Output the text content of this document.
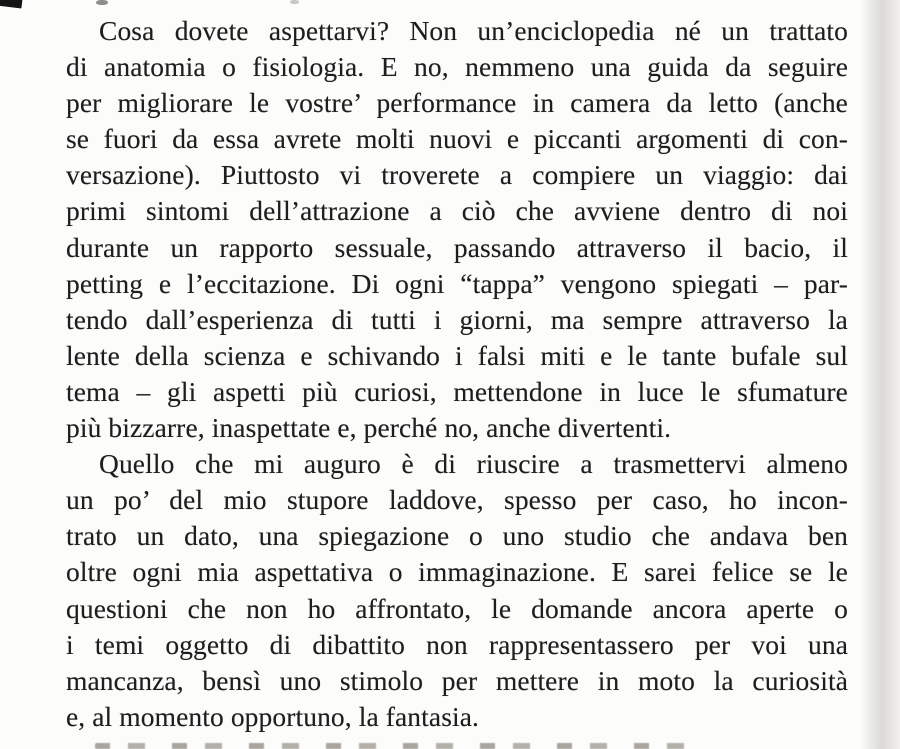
Cosa dovete aspettarvi? Non un’enciclopedia né un trattato
di anatomia o fisiologia. E no, nemmeno una guida da seguire
per migliorare le vostre’ performance in camera da letto (anche
se fuori da essa avrete molti nuovi e piccanti argomenti di con-
versazione). Piuttosto vi troverete a compiere un viaggio: dai
primi sintomi dell’attrazione a ciò che avviene dentro di noi
durante un rapporto sessuale, passando attraverso il bacio, il
petting e l’eccitazione. Di ogni “tappa” vengono spiegati – par-
tendo dall’esperienza di tutti i giorni, ma sempre attraverso la
lente della scienza e schivando i falsi miti e le tante bufale sul
tema – gli aspetti più curiosi, mettendone in luce le sfumature
più bizzarre, inaspettate e, perché no, anche divertenti.
Quello che mi auguro è di riuscire a trasmettervi almeno
un po’ del mio stupore laddove, spesso per caso, ho incon-
trato un dato, una spiegazione o uno studio che andava ben
oltre ogni mia aspettativa o immaginazione. E sarei felice se le
questioni che non ho affrontato, le domande ancora aperte o
i temi oggetto di dibattito non rappresentassero per voi una
mancanza, bensì uno stimolo per mettere in moto la curiosità
e, al momento opportuno, la fantasia.
